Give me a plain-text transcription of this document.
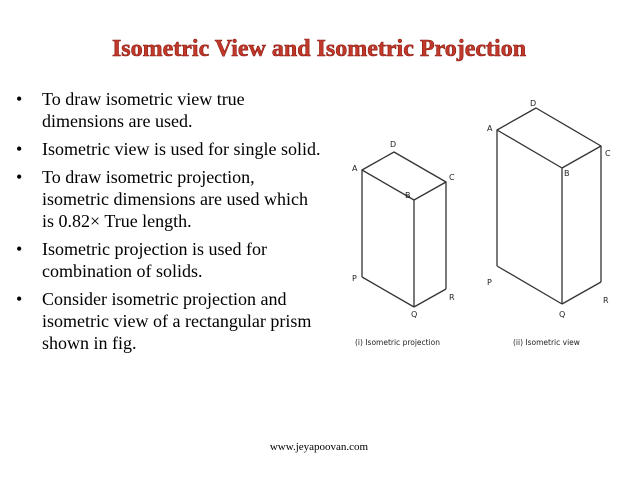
Isometric View and Isometric Projection
• To draw isometric view true dimensions are used.
• Isometric view is used for single solid.
• To draw isometric projection, isometric dimensions are used which is 0.82× True length.
• Isometric projection is used for combination of solids.
• Consider isometric projection and isometric view of a rectangular prism shown in fig.
A
D
C
B
P
Q
R
A
D
C
B
P
Q
R
(i) Isometric projection	(ii) Isometric view
www.jeyapoovan.com
